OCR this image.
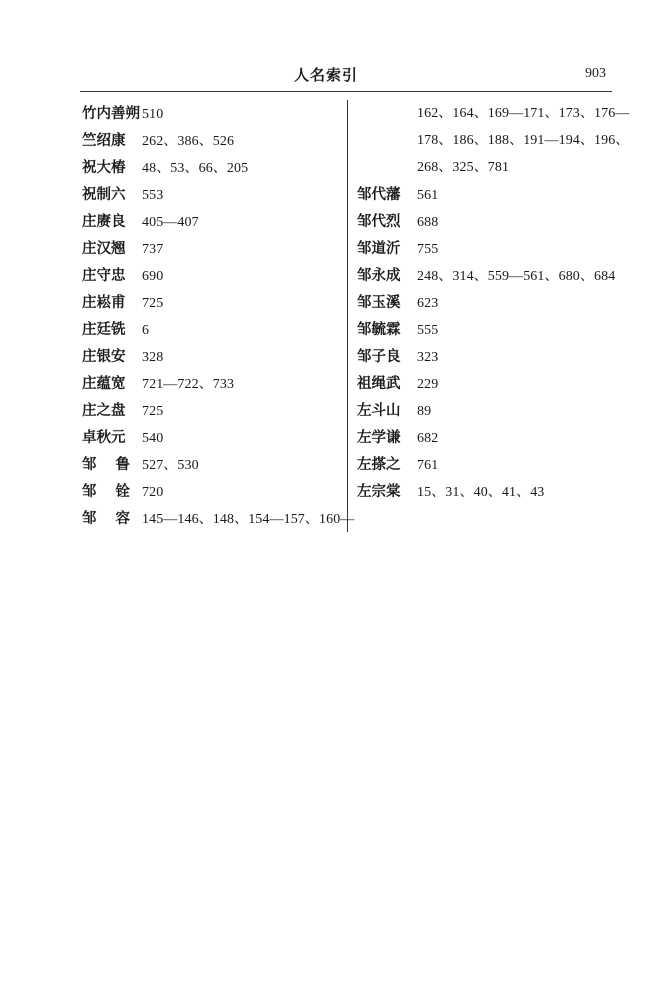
人名索引	903
竹内善朔 510
竺绍康	262、386、526
祝大椿	48、53、66、205
祝制六	553
庄赓良	405—407
庄汉翘	737
庄守忠	690
庄崧甫	725
庄廷铣	6
庄银安	328
庄蕴宽	721—722、733
庄之盘	725
卓秋元	540
邹 鲁 527、530
邹 铨 720
邹 容 145—146、148、154—157、160—
162、164、169—171、173、176—
178、186、188、191—194、196、
268、325、781
邹代藩	561
邹代烈	688
邹道沂	755
邹永成	248、314、559—561、680、684
邹玉溪	623
邹毓霖	555
邹子良	323
祖绳武	229
左斗山	89
左学谦	682
左搽之	761
左宗棠	15、31、40、41、43
